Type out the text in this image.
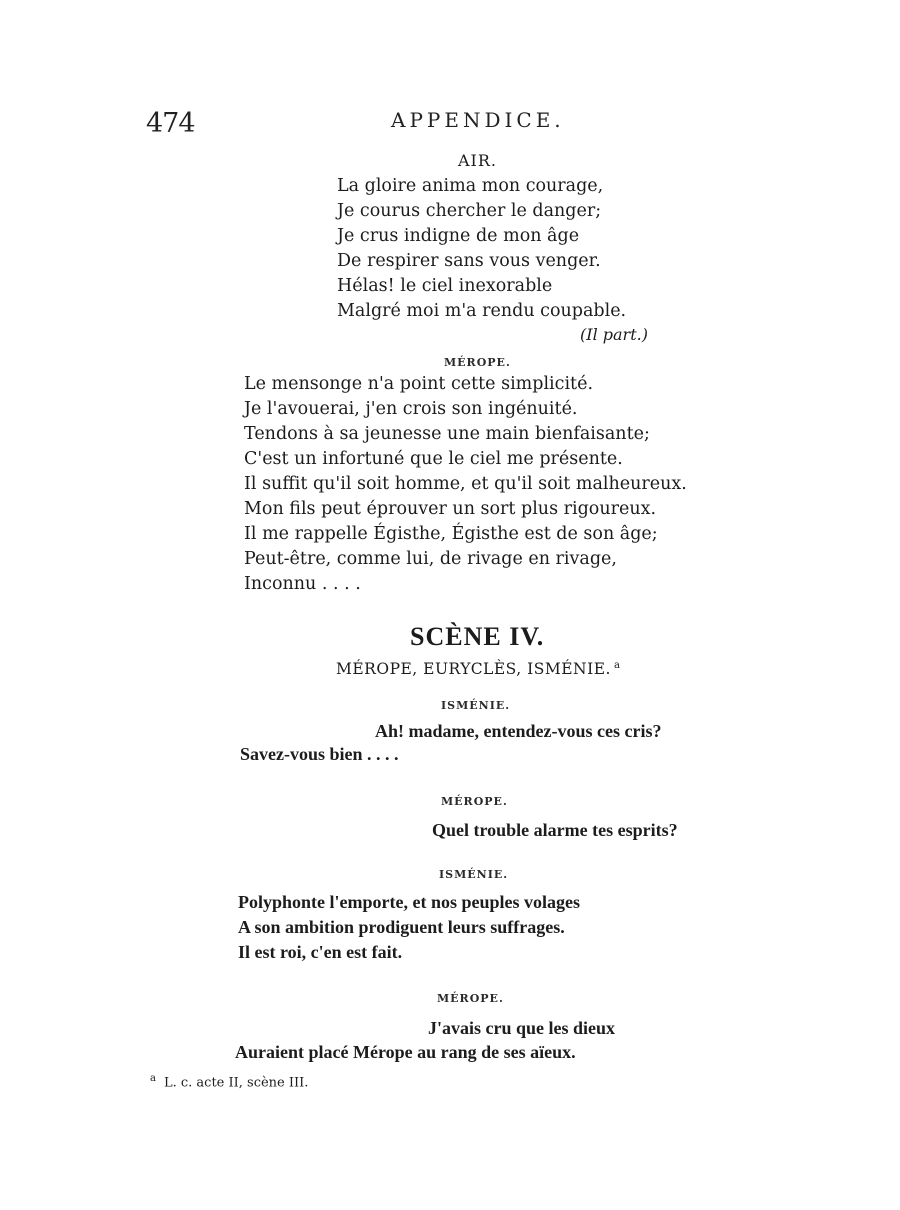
474	APPENDICE.
AIR.
La gloire anima mon courage,
Je courus chercher le danger;
Je crus indigne de mon âge
De respirer sans vous venger.
Hélas! le ciel inexorable
Malgré moi m'a rendu coupable.
(Il part.)
MÉROPE.
Le mensonge n'a point cette simplicité.
Je l'avouerai, j'en crois son ingénuité.
Tendons à sa jeunesse une main bienfaisante;
C'est un infortuné que le ciel me présente.
Il suffit qu'il soit homme, et qu'il soit malheureux.
Mon fils peut éprouver un sort plus rigoureux.
Il me rappelle Égisthe, Égisthe est de son âge;
Peut-être, comme lui, de rivage en rivage,
Inconnu . . . .
SCÈNE IV.
MÉROPE, EURYCLÈS, ISMÉNIE. $^a$
ISMÉNIE.
Ah! madame, entendez-vous ces cris?
Savez-vous bien . . . .
MÉROPE.
Quel trouble alarme tes esprits?
ISMÉNIE.
Polyphonte l'emporte, et nos peuples volages
A son ambition prodiguent leurs suffrages.
Il est roi, c'en est fait.
MÉROPE.
J'avais cru que les dieux
Auraient placé Mérope au rang de ses aïeux.
$^a$ L. c. acte II, scène III.
